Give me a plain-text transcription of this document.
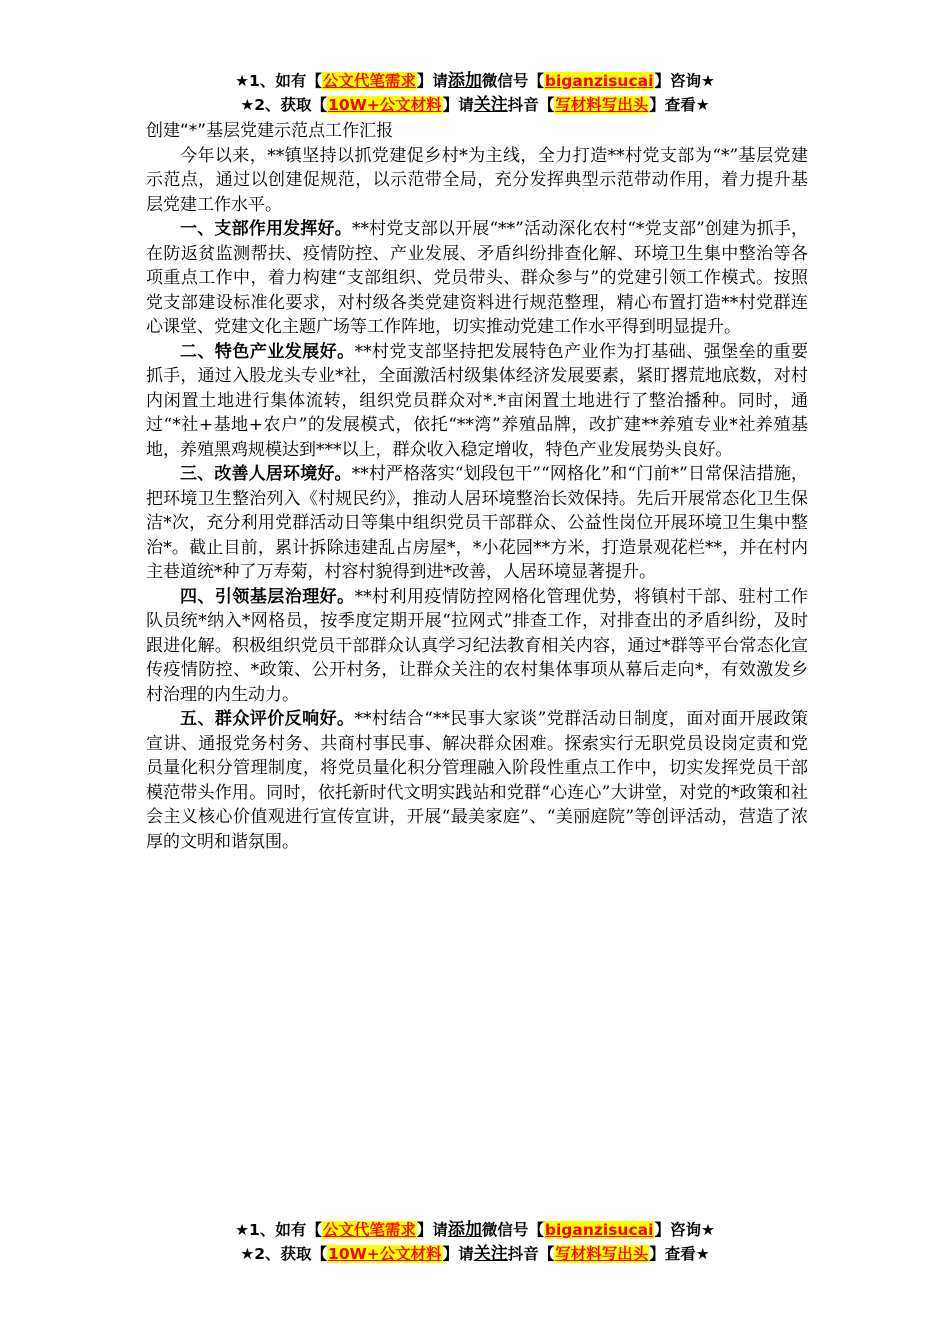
★1、如有【公文代笔需求】请添加微信号【biganzisucai】咨询★
★2、获取【10W+公文材料】请关注抖音【写材料写出头】查看★
创建“*”基层党建示范点工作汇报

今年以来，**镇坚持以抓党建促乡村*为主线，全力打造**村党支部为“*”基层党建示范点，通过以创建促规范，以示范带全局，充分发挥典型示范带动作用，着力提升基层党建工作水平。

一、支部作用发挥好。**村党支部以开展“**”活动深化农村“*党支部”创建为抓手，在防返贫监测帮扶、疫情防控、产业发展、矛盾纠纷排查化解、环境卫生集中整治等各项重点工作中，着力构建“支部组织、党员带头、群众参与”的党建引领工作模式。按照党支部建设标准化要求，对村级各类党建资料进行规范整理，精心布置打造**村党群连心课堂、党建文化主题广场等工作阵地，切实推动党建工作水平得到明显提升。

二、特色产业发展好。**村党支部坚持把发展特色产业作为打基础、强堡垒的重要抓手，通过入股龙头专业*社，全面激活村级集体经济发展要素，紧盯撂荒地底数，对村内闲置土地进行集体流转，组织党员群众对*.*亩闲置土地进行了整治播种。同时，通过“*社+基地+农户”的发展模式，依托“**湾”养殖品牌，改扩建**养殖专业*社养殖基地，养殖黑鸡规模达到***以上，群众收入稳定增收，特色产业发展势头良好。

三、改善人居环境好。**村严格落实“划段包干”“网格化”和“门前*”日常保洁措施，把环境卫生整治列入《村规民约》，推动人居环境整治长效保持。先后开展常态化卫生保洁*次，充分利用党群活动日等集中组织党员干部群众、公益性岗位开展环境卫生集中整治*。截止目前，累计拆除违建乱占房屋*，*小花园**方米，打造景观花栏**，并在村内主巷道统*种了万寿菊，村容村貌得到进*改善，人居环境显著提升。

四、引领基层治理好。**村利用疫情防控网格化管理优势，将镇村干部、驻村工作队员统*纳入*网格员，按季度定期开展“拉网式”排查工作，对排查出的矛盾纠纷，及时跟进化解。积极组织党员干部群众认真学习纪法教育相关内容，通过*群等平台常态化宣传疫情防控、*政策、公开村务，让群众关注的农村集体事项从幕后走向*，有效激发乡村治理的内生动力。

五、群众评价反响好。**村结合“**民事大家谈”党群活动日制度，面对面开展政策宣讲、通报党务村务、共商村事民事、解决群众困难。探索实行无职党员设岗定责和党员量化积分管理制度，将党员量化积分管理融入阶段性重点工作中，切实发挥党员干部模范带头作用。同时，依托新时代文明实践站和党群“心连心”大讲堂，对党的*政策和社会主义核心价值观进行宣传宣讲，开展“最美家庭”、“美丽庭院”等创评活动，营造了浓厚的文明和谐氛围。

★1、如有【公文代笔需求】请添加微信号【biganzisucai】咨询★
★2、获取【10W+公文材料】请关注抖音【写材料写出头】查看★
